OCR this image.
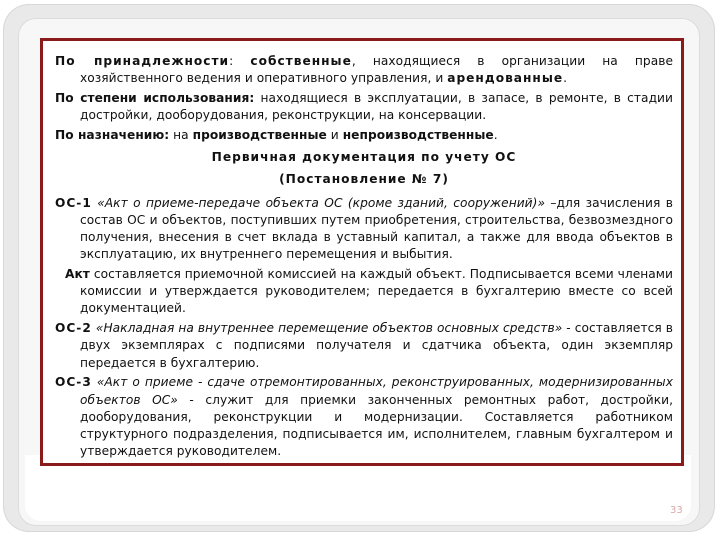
По принадлежности: собственные, находящиеся в организации на праве хозяйственного ведения и оперативного управления, и арендованные.

По степени использования: находящиеся в эксплуатации, в запасе, в ремонте, в стадии достройки, дооборудования, реконструкции, на консервации.

По назначению: на производственные и непроизводственные.

Первичная документация по учету ОС

(Постановление № 7)

ОС-1 «Акт о приеме-передаче объекта ОС (кроме зданий, сооружений)» –для зачисления в состав ОС и объектов, поступивших путем приобретения, строительства, безвозмездного получения, внесения в счет вклада в уставный капитал, а также для ввода объектов в эксплуатацию, их внутреннего перемещения и выбытия.

Акт составляется приемочной комиссией на каждый объект. Подписывается всеми членами комиссии и утверждается руководителем; передается в бухгалтерию вместе со всей документацией.

ОС-2 «Накладная на внутреннее перемещение объектов основных средств» - составляется в двух экземплярах с подписями получателя и сдатчика объекта, один экземпляр передается в бухгалтерию.

ОС-3 «Акт о приеме - сдаче отремонтированных, реконструированных, модернизированных объектов ОС» - служит для приемки законченных ремонтных работ, достройки, дооборудования, реконструкции и модернизации. Составляется работником структурного подразделения, подписывается им, исполнителем, главным бухгалтером и утверждается руководителем.

33
